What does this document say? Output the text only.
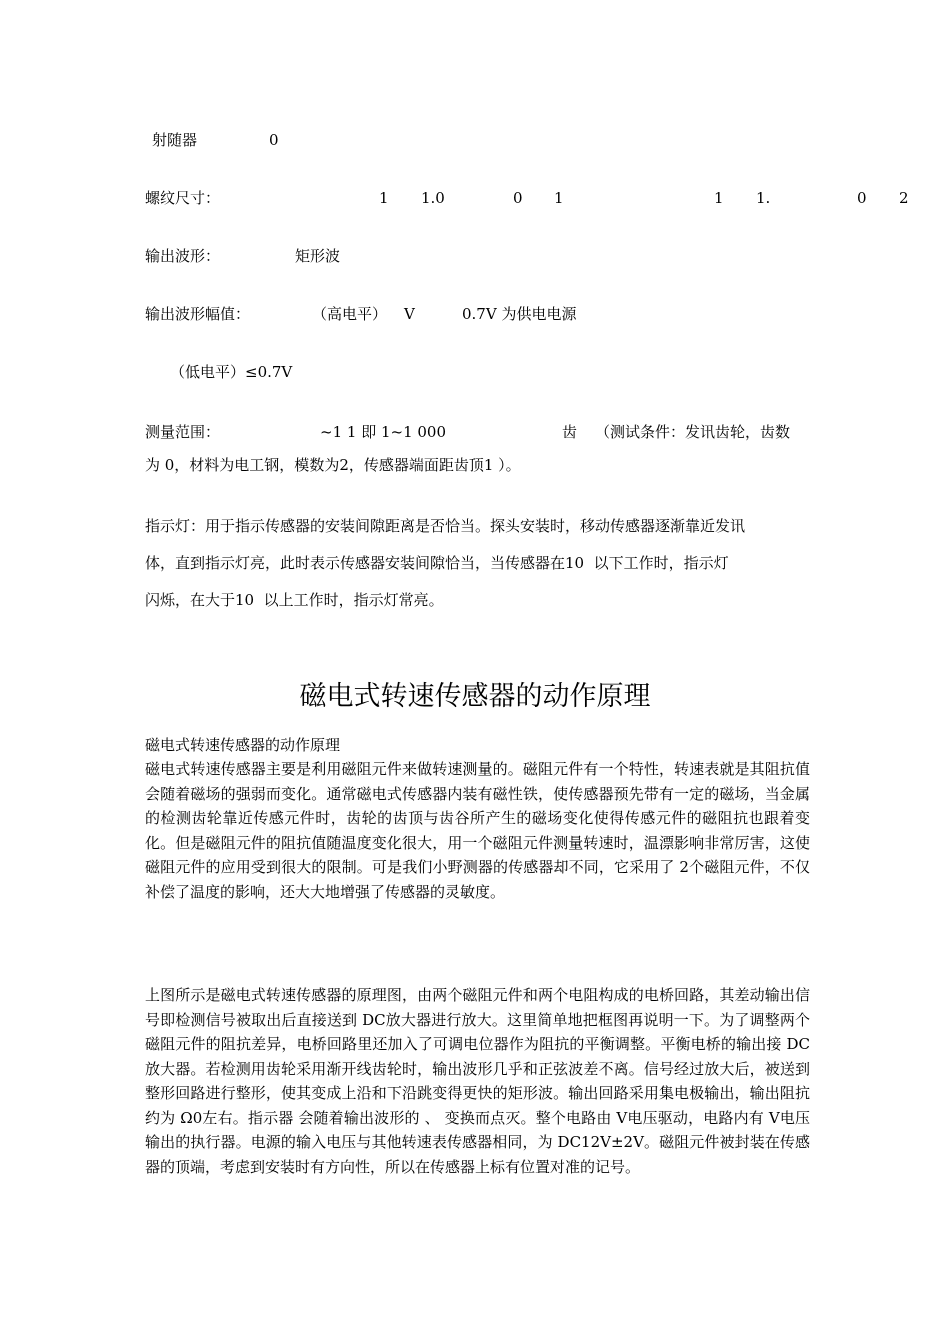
射随器	0
螺纹尺寸：	1 1.0	0 1	1 1.	0 2
输出波形：	矩形波
输出波形幅值：	（高电平） V	0.7V 为供电电源
（低电平）≤0.7V
测量范围：	~1 1 即 1~1 000	齿 （测试条件：发讯齿轮，齿数
为 0，材料为电工钢，模数为2，传感器端面距齿顶1 ）。
指示灯：用于指示传感器的安装间隙距离是否恰当。探头安装时，移动传感器逐渐靠近发讯
体，直到指示灯亮，此时表示传感器安装间隙恰当，当传感器在10  以下工作时，指示灯
闪烁，在大于10  以上工作时，指示灯常亮。
磁电式转速传感器的动作原理
磁电式转速传感器的动作原理

磁电式转速传感器主要是利用磁阻元件来做转速测量的。磁阻元件有一个特性，转速表就是其阻抗值会随着磁场的强弱而变化。通常磁电式传感器内装有磁性铁，使传感器预先带有一定的磁场，当金属的检测齿轮靠近传感元件时，齿轮的齿顶与齿谷所产生的磁场变化使得传感元件的磁阻抗也跟着变化。但是磁阻元件的阻抗值随温度变化很大，用一个磁阻元件测量转速时，温漂影响非常厉害，这使磁阻元件的应用受到很大的限制。可是我们小野测器的传感器却不同，它采用了 2个磁阻元件，不仅补偿了温度的影响，还大大地增强了传感器的灵敏度。

上图所示是磁电式转速传感器的原理图，由两个磁阻元件和两个电阻构成的电桥回路，其差动输出信号即检测信号被取出后直接送到 DC放大器进行放大。这里简单地把框图再说明一下。为了调整两个磁阻元件的阻抗差异，电桥回路里还加入了可调电位器作为阻抗的平衡调整。平衡电桥的输出接 DC放大器。若检测用齿轮采用渐开线齿轮时，输出波形几乎和正弦波差不离。信号经过放大后，被送到整形回路进行整形，使其变成上沿和下沿跳变得更快的矩形波。输出回路采用集电极输出，输出阻抗约为 Ω0左右。指示器 会随着输出波形的 、 变换而点灭。整个电路由 V电压驱动，电路内有 V电压输出的执行器。电源的输入电压与其他转速表传感器相同，为 DC12V±2V。磁阻元件被封装在传感器的顶端，考虑到安装时有方向性，所以在传感器上标有位置对准的记号。
